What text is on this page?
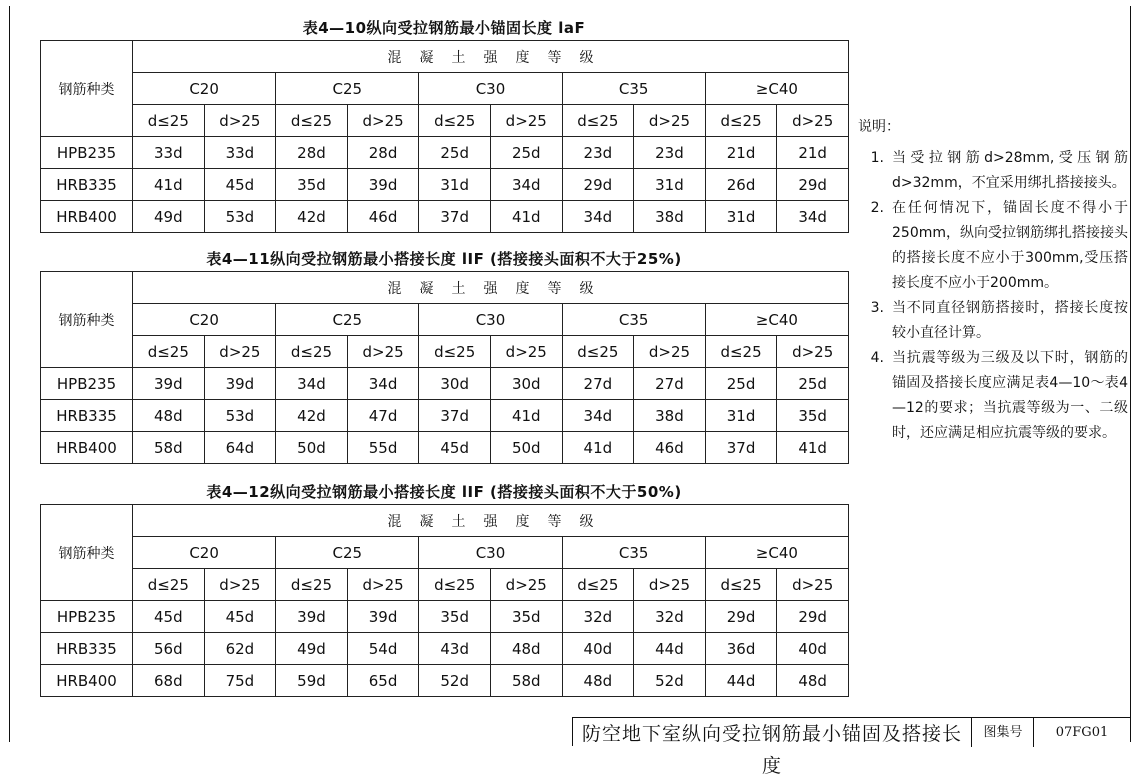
表4—10纵向受拉钢筋最小锚固长度 laF
钢筋种类	混凝土强度等级									
	C20		C25		C30		C35		≥C40	
	d≤25	d>25	d≤25	d>25	d≤25	d>25	d≤25	d>25	d≤25	d>25
HPB235	33d	33d	28d	28d	25d	25d	23d	23d	21d	21d
HRB335	41d	45d	35d	39d	31d	34d	29d	31d	26d	29d
HRB400	49d	53d	42d	46d	37d	41d	34d	38d	31d	34d
表4—11纵向受拉钢筋最小搭接长度 lIF (搭接接头面积不大于25%)
钢筋种类	混凝土强度等级									
	C20		C25		C30		C35		≥C40	
	d≤25	d>25	d≤25	d>25	d≤25	d>25	d≤25	d>25	d≤25	d>25
HPB235	39d	39d	34d	34d	30d	30d	27d	27d	25d	25d
HRB335	48d	53d	42d	47d	37d	41d	34d	38d	31d	35d
HRB400	58d	64d	50d	55d	45d	50d	41d	46d	37d	41d
表4—12纵向受拉钢筋最小搭接长度 lIF (搭接接头面积不大于50%)
钢筋种类	混凝土强度等级									
	C20		C25		C30		C35		≥C40	
	d≤25	d>25	d≤25	d>25	d≤25	d>25	d≤25	d>25	d≤25	d>25
HPB235	45d	45d	39d	39d	35d	35d	32d	32d	29d	29d
HRB335	56d	62d	49d	54d	43d	48d	40d	44d	36d	40d
HRB400	68d	75d	59d	65d	52d	58d	48d	52d	44d	48d
说明：
1. 当受拉钢筋d>28mm,受压钢筋d>32mm，不宜采用绑扎搭接接头。
2. 在任何情况下，锚固长度不得小于250mm，纵向受拉钢筋绑扎搭接接头的搭接长度不应小于300mm,受压搭接长度不应小于200mm。
3. 当不同直径钢筋搭接时，搭接长度按较小直径计算。
4. 当抗震等级为三级及以下时，钢筋的锚固及搭接长度应满足表4—10～表4—12的要求；当抗震等级为一、二级时，还应满足相应抗震等级的要求。
防空地下室纵向受拉钢筋最小锚固及搭接长度
图集号	07FG01
